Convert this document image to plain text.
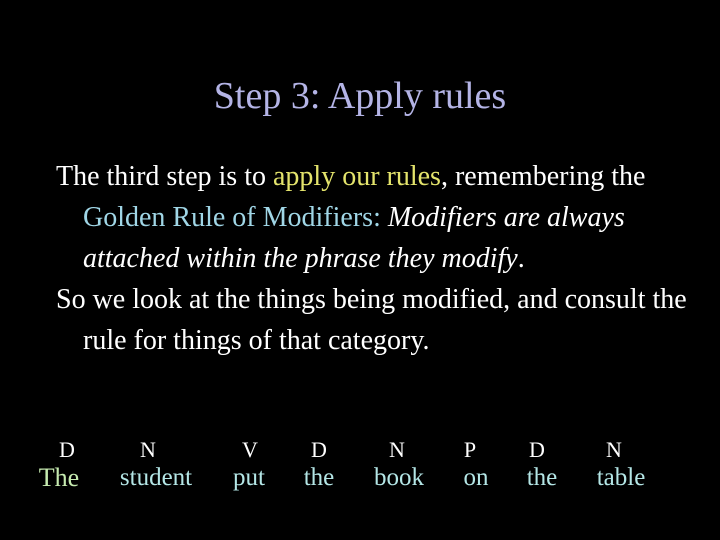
Step 3: Apply rules

The third step is to apply our rules, remembering the Golden Rule of Modifiers: Modifiers are always attached within the phrase they modify.

So we look at the things being modified, and consult the rule for things of that category.

D
The
N
student
V
put
D
the
N
book
P
on
D
the
N
table
